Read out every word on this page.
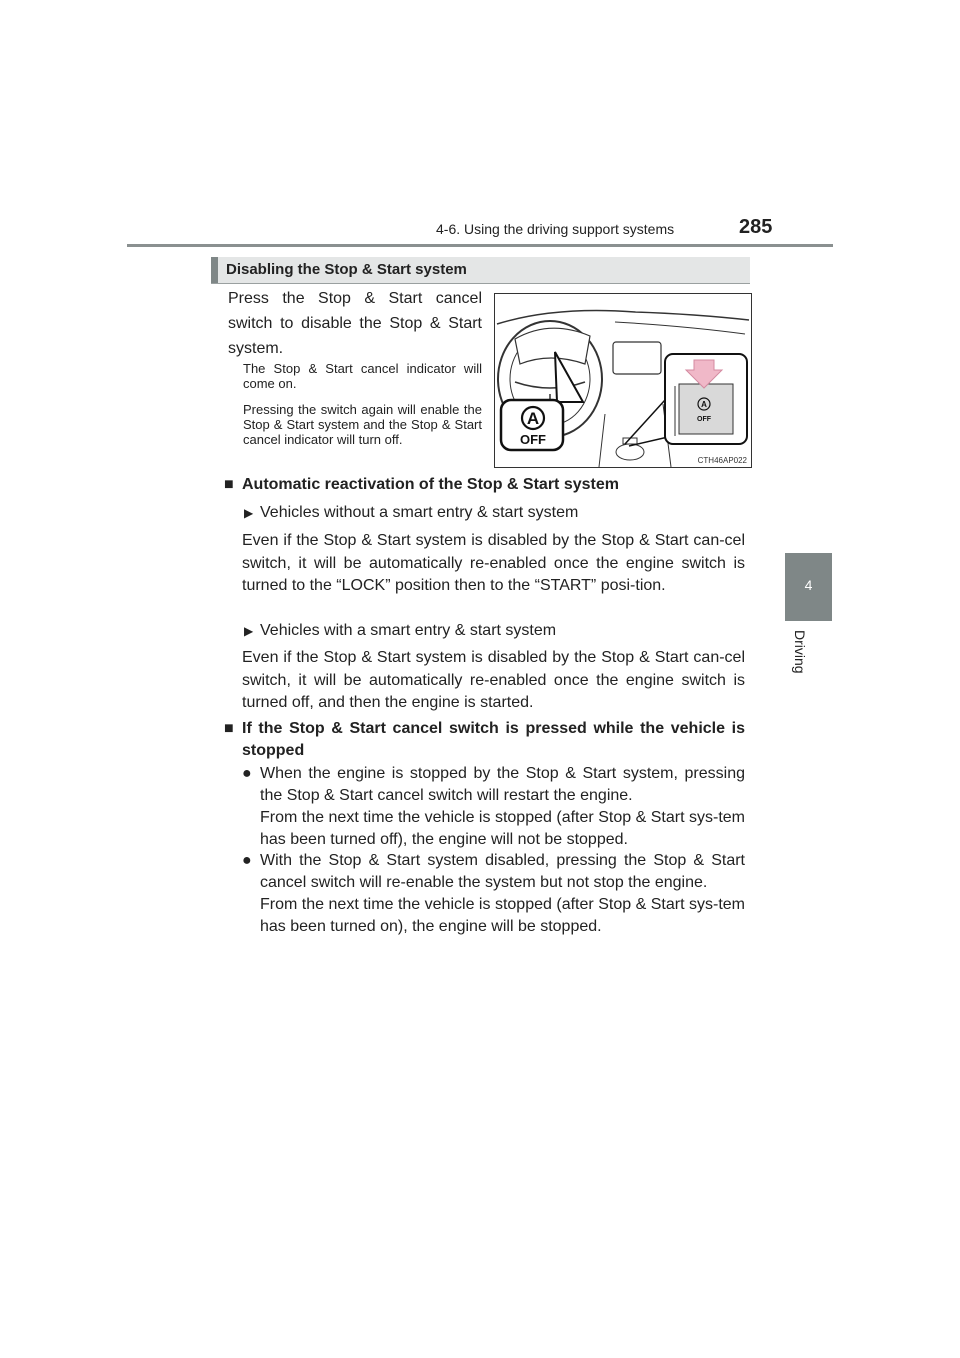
4-6. Using the driving support systems	285
4
Driving
Disabling the Stop & Start system
Press the Stop & Start cancel switch to disable the Stop & Start system.
The Stop & Start cancel indicator will come on.
Pressing the switch again will enable the Stop & Start system and the Stop & Start cancel indicator will turn off.
A
OFF
A
OFF
CTH46AP022
■ Automatic reactivation of the Stop & Start system
▶ Vehicles without a smart entry & start system
Even if the Stop & Start system is disabled by the Stop & Start can-cel switch, it will be automatically re-enabled once the engine switch is turned to the “LOCK” position then to the “START” posi-tion.
▶ Vehicles with a smart entry & start system
Even if the Stop & Start system is disabled by the Stop & Start can-cel switch, it will be automatically re-enabled once the engine switch is turned off, and then the engine is started.
■ If the Stop & Start cancel switch is pressed while the vehicle is stopped
● When the engine is stopped by the Stop & Start system, pressing the Stop & Start cancel switch will restart the engine.
From the next time the vehicle is stopped (after Stop & Start sys-tem has been turned off), the engine will not be stopped.
● With the Stop & Start system disabled, pressing the Stop & Start cancel switch will re-enable the system but not stop the engine.
From the next time the vehicle is stopped (after Stop & Start sys-tem has been turned on), the engine will be stopped.
